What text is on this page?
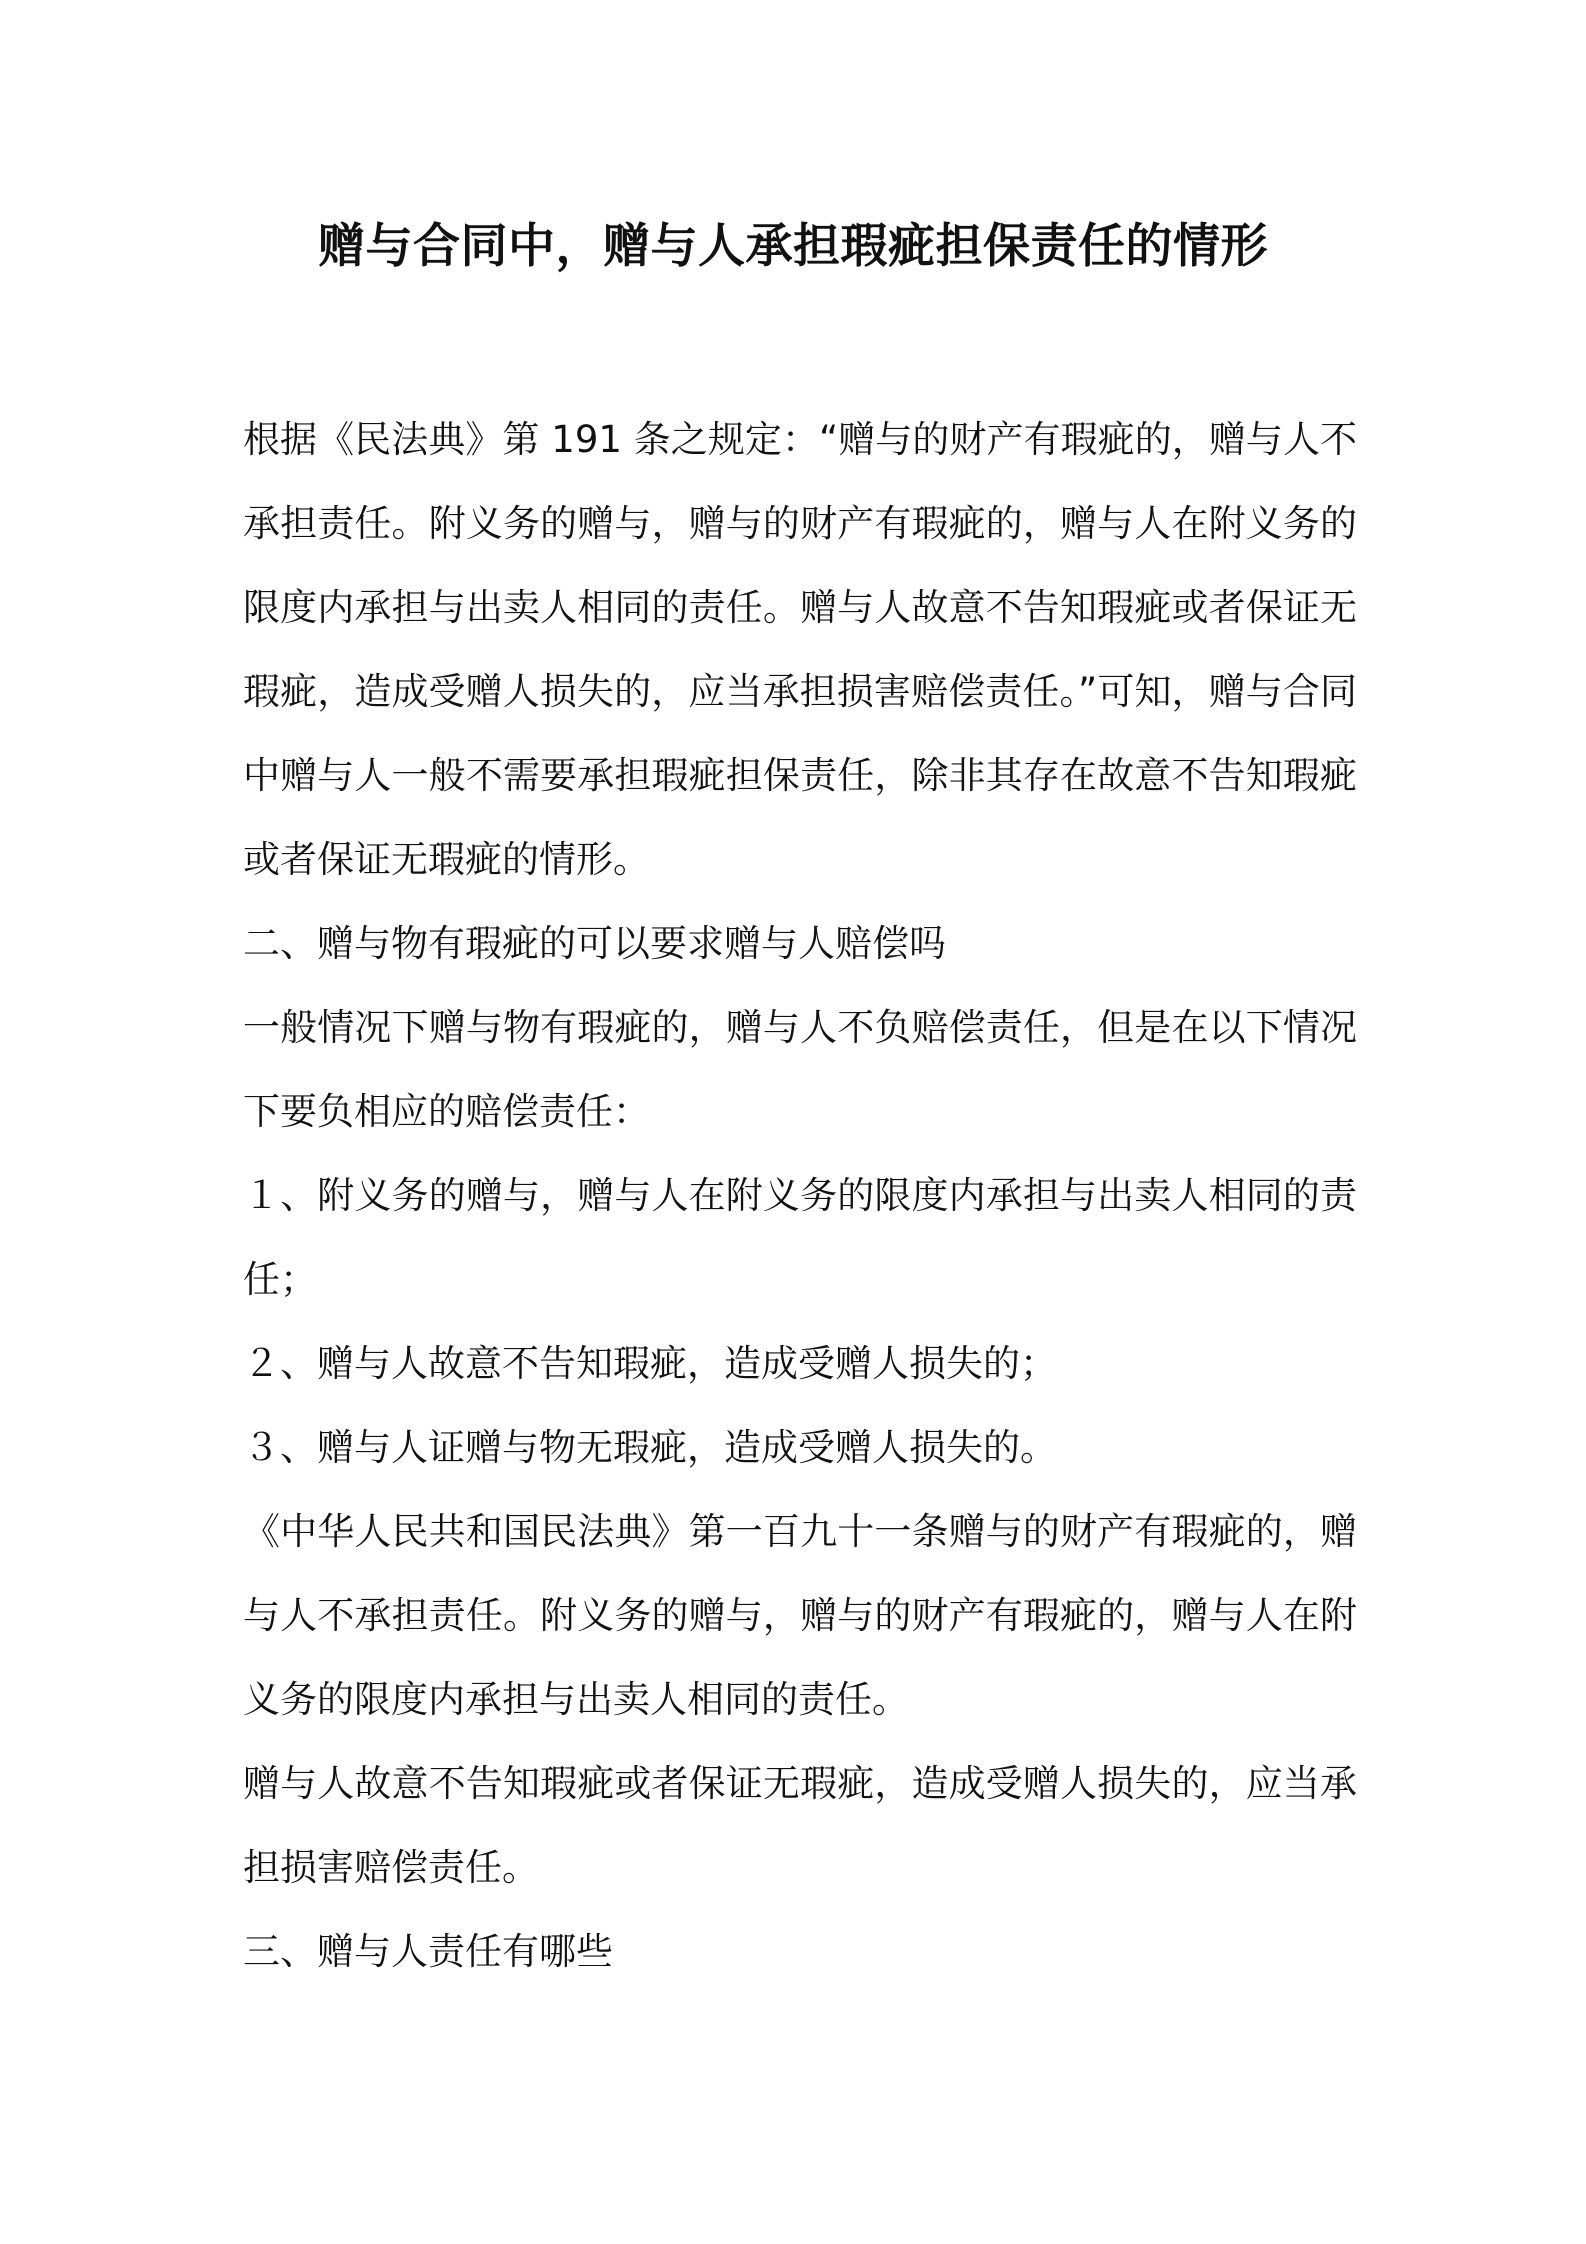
赠与合同中，赠与人承担瑕疵担保责任的情形

根据《民法典》第 191 条之规定：“赠与的财产有瑕疵的，赠与人不承担责任。附义务的赠与，赠与的财产有瑕疵的，赠与人在附义务的限度内承担与出卖人相同的责任。赠与人故意不告知瑕疵或者保证无瑕疵，造成受赠人损失的，应当承担损害赔偿责任。”可知，赠与合同中赠与人一般不需要承担瑕疵担保责任，除非其存在故意不告知瑕疵或者保证无瑕疵的情形。

二、赠与物有瑕疵的可以要求赠与人赔偿吗

一般情况下赠与物有瑕疵的，赠与人不负赔偿责任，但是在以下情况下要负相应的赔偿责任：

１、附义务的赠与，赠与人在附义务的限度内承担与出卖人相同的责任；

２、赠与人故意不告知瑕疵，造成受赠人损失的；

３、赠与人证赠与物无瑕疵，造成受赠人损失的。

《中华人民共和国民法典》第一百九十一条赠与的财产有瑕疵的，赠与人不承担责任。附义务的赠与，赠与的财产有瑕疵的，赠与人在附义务的限度内承担与出卖人相同的责任。

赠与人故意不告知瑕疵或者保证无瑕疵，造成受赠人损失的，应当承担损害赔偿责任。

三、赠与人责任有哪些
